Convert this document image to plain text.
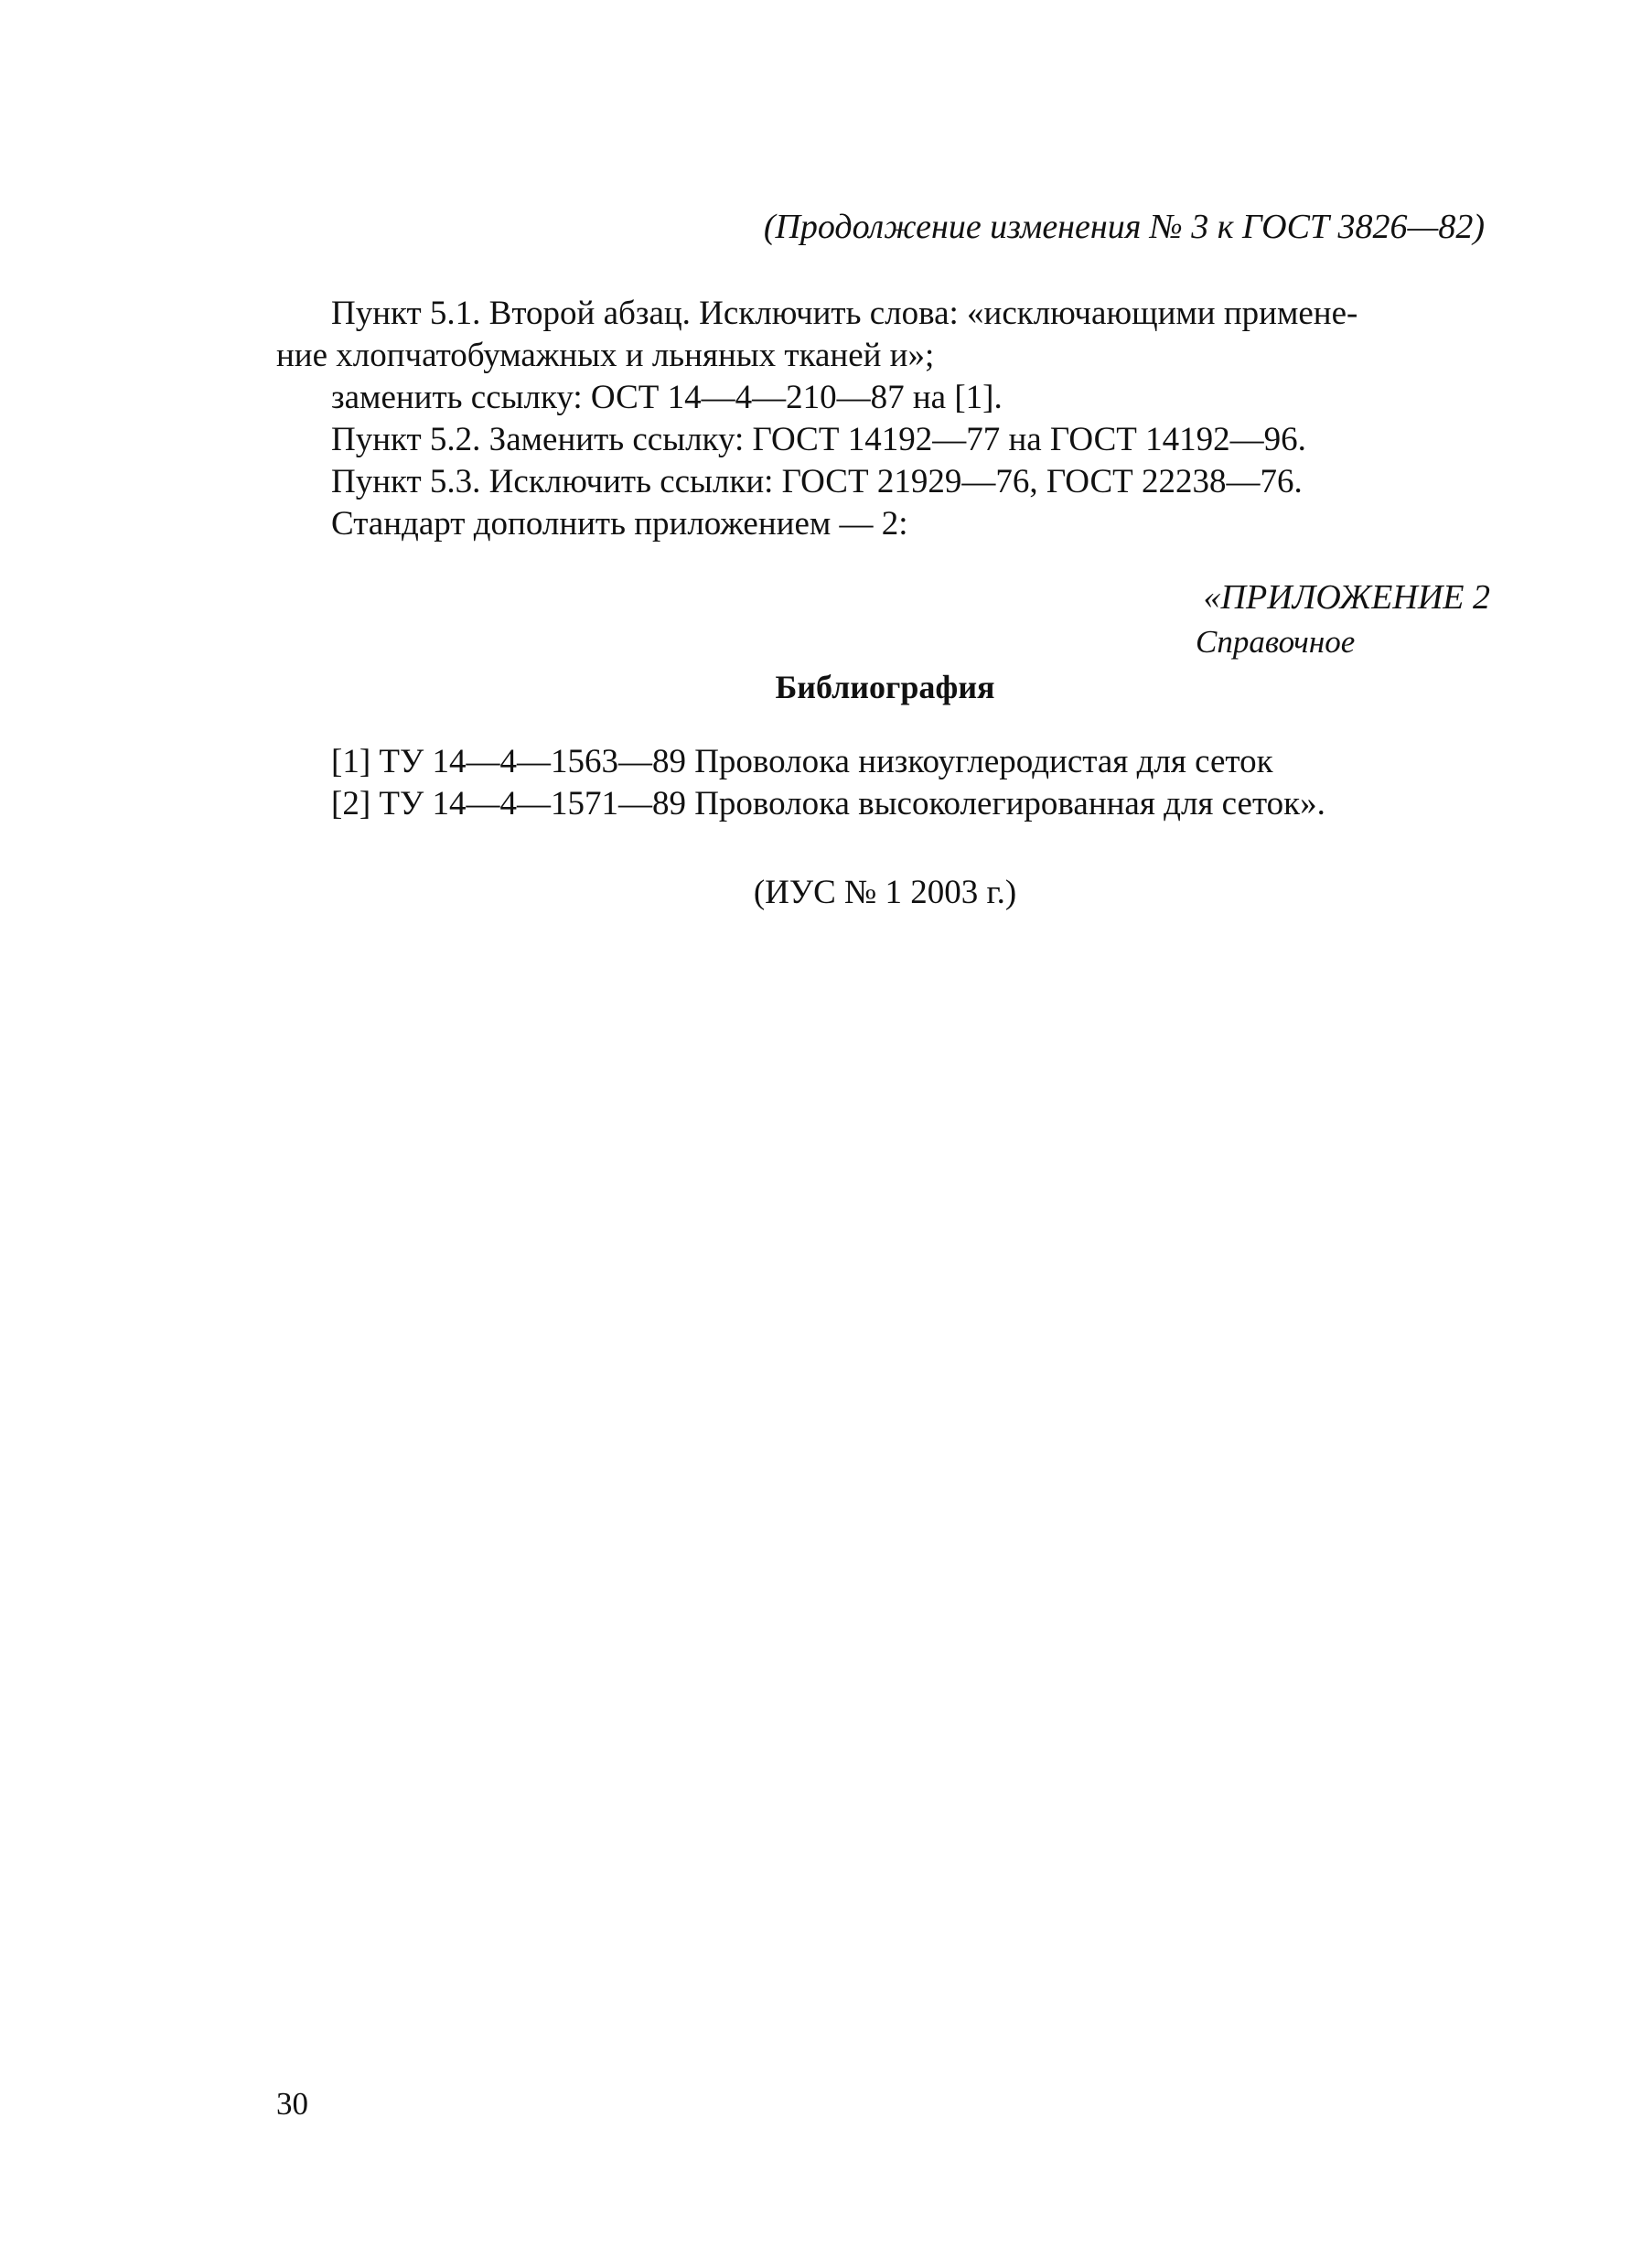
(Продолжение изменения № 3 к ГОСТ 3826—82)
Пункт 5.1. Второй абзац. Исключить слова: «исключающими примене-
ние хлопчатобумажных и льняных тканей и»;
заменить ссылку: ОСТ 14—4—210—87 на [1].
Пункт 5.2. Заменить ссылку: ГОСТ 14192—77 на ГОСТ 14192—96.
Пункт 5.3. Исключить ссылки: ГОСТ 21929—76, ГОСТ 22238—76.
Стандарт дополнить приложением — 2:
«ПРИЛОЖЕНИЕ 2
Справочное
Библиография
[1] ТУ 14—4—1563—89 Проволока низкоуглеродистая для сеток
[2] ТУ 14—4—1571—89 Проволока высоколегированная для сеток».
(ИУС № 1 2003 г.)
30
